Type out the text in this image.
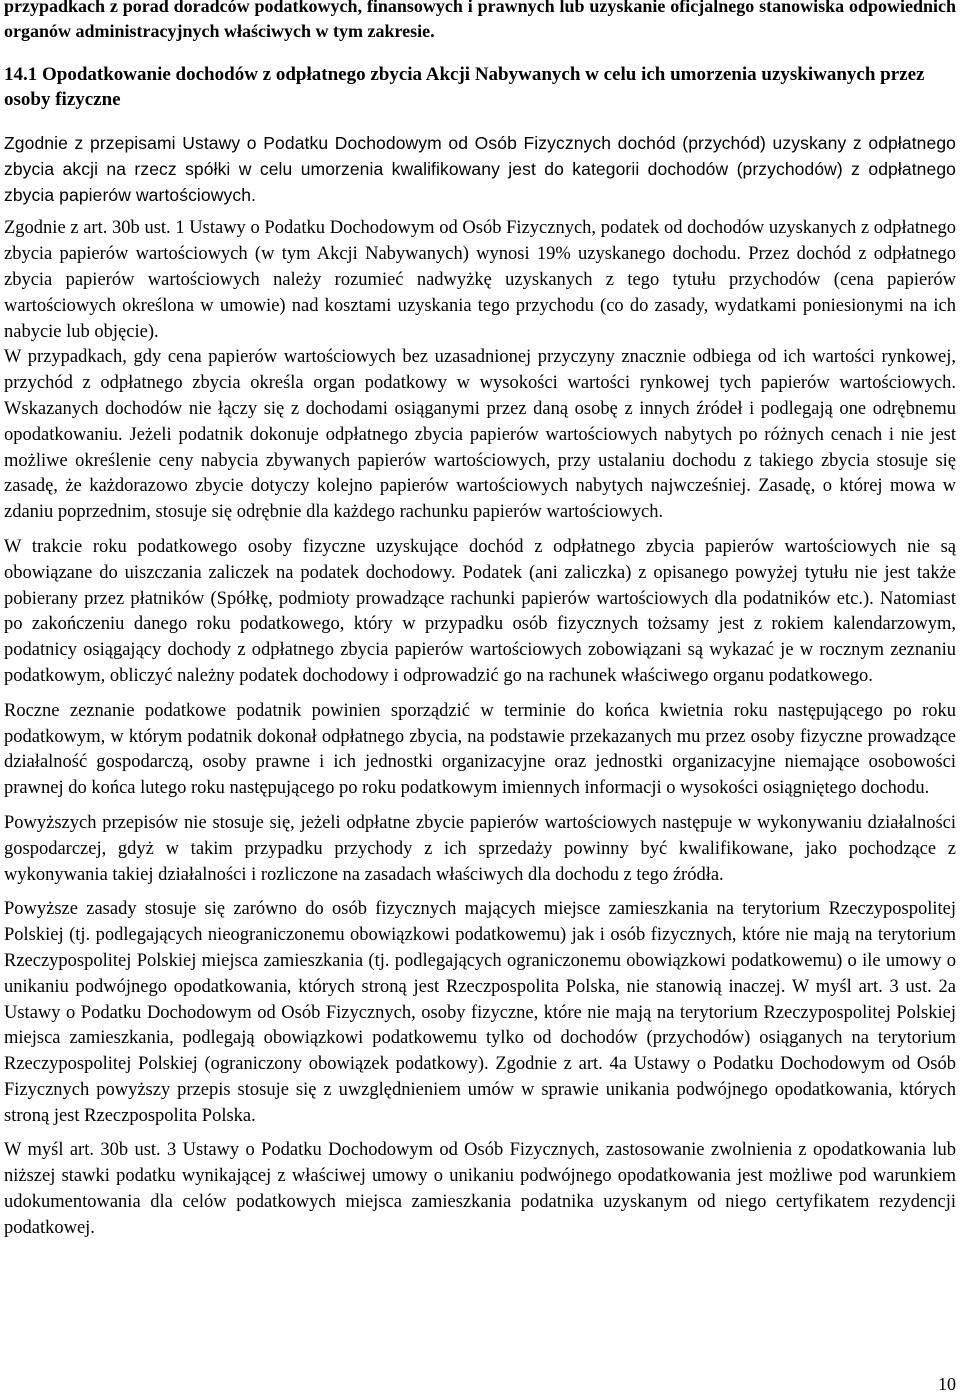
przypadkach z porad doradców podatkowych, finansowych i prawnych lub uzyskanie oficjalnego stanowiska odpowiednich organów administracyjnych właściwych w tym zakresie.

14.1 Opodatkowanie dochodów z odpłatnego zbycia Akcji Nabywanych w celu ich umorzenia uzyskiwanych przez osoby fizyczne

Zgodnie z przepisami Ustawy o Podatku Dochodowym od Osób Fizycznych dochód (przychód) uzyskany z odpłatnego zbycia akcji na rzecz spółki w celu umorzenia kwalifikowany jest do kategorii dochodów (przychodów) z odpłatnego zbycia papierów wartościowych.

Zgodnie z art. 30b ust. 1 Ustawy o Podatku Dochodowym od Osób Fizycznych, podatek od dochodów uzyskanych z odpłatnego zbycia papierów wartościowych (w tym Akcji Nabywanych) wynosi 19% uzyskanego dochodu. Przez dochód z odpłatnego zbycia papierów wartościowych należy rozumieć nadwyżkę uzyskanych z tego tytułu przychodów (cena papierów wartościowych określona w umowie) nad kosztami uzyskania tego przychodu (co do zasady, wydatkami poniesionymi na ich nabycie lub objęcie).

W przypadkach, gdy cena papierów wartościowych bez uzasadnionej przyczyny znacznie odbiega od ich wartości rynkowej, przychód z odpłatnego zbycia określa organ podatkowy w wysokości wartości rynkowej tych papierów wartościowych. Wskazanych dochodów nie łączy się z dochodami osiąganymi przez daną osobę z innych źródeł i podlegają one odrębnemu opodatkowaniu. Jeżeli podatnik dokonuje odpłatnego zbycia papierów wartościowych nabytych po różnych cenach i nie jest możliwe określenie ceny nabycia zbywanych papierów wartościowych, przy ustalaniu dochodu z takiego zbycia stosuje się zasadę, że każdorazowo zbycie dotyczy kolejno papierów wartościowych nabytych najwcześniej. Zasadę, o której mowa w zdaniu poprzednim, stosuje się odrębnie dla każdego rachunku papierów wartościowych.

W trakcie roku podatkowego osoby fizyczne uzyskujące dochód z odpłatnego zbycia papierów wartościowych nie są obowiązane do uiszczania zaliczek na podatek dochodowy. Podatek (ani zaliczka) z opisanego powyżej tytułu nie jest także pobierany przez płatników (Spółkę, podmioty prowadzące rachunki papierów wartościowych dla podatników etc.). Natomiast po zakończeniu danego roku podatkowego, który w przypadku osób fizycznych tożsamy jest z rokiem kalendarzowym, podatnicy osiągający dochody z odpłatnego zbycia papierów wartościowych zobowiązani są wykazać je w rocznym zeznaniu podatkowym, obliczyć należny podatek dochodowy i odprowadzić go na rachunek właściwego organu podatkowego.

Roczne zeznanie podatkowe podatnik powinien sporządzić w terminie do końca kwietnia roku następującego po roku podatkowym, w którym podatnik dokonał odpłatnego zbycia, na podstawie przekazanych mu przez osoby fizyczne prowadzące działalność gospodarczą, osoby prawne i ich jednostki organizacyjne oraz jednostki organizacyjne niemające osobowości prawnej do końca lutego roku następującego po roku podatkowym imiennych informacji o wysokości osiągniętego dochodu.

Powyższych przepisów nie stosuje się, jeżeli odpłatne zbycie papierów wartościowych następuje w wykonywaniu działalności gospodarczej, gdyż w takim przypadku przychody z ich sprzedaży powinny być kwalifikowane, jako pochodzące z wykonywania takiej działalności i rozliczone na zasadach właściwych dla dochodu z tego źródła.

Powyższe zasady stosuje się zarówno do osób fizycznych mających miejsce zamieszkania na terytorium Rzeczypospolitej Polskiej (tj. podlegających nieograniczonemu obowiązkowi podatkowemu) jak i osób fizycznych, które nie mają na terytorium Rzeczypospolitej Polskiej miejsca zamieszkania (tj. podlegających ograniczonemu obowiązkowi podatkowemu) o ile umowy o unikaniu podwójnego opodatkowania, których stroną jest Rzeczpospolita Polska, nie stanowią inaczej. W myśl art. 3 ust. 2a Ustawy o Podatku Dochodowym od Osób Fizycznych, osoby fizyczne, które nie mają na terytorium Rzeczypospolitej Polskiej miejsca zamieszkania, podlegają obowiązkowi podatkowemu tylko od dochodów (przychodów) osiąganych na terytorium Rzeczypospolitej Polskiej (ograniczony obowiązek podatkowy). Zgodnie z art. 4a Ustawy o Podatku Dochodowym od Osób Fizycznych powyższy przepis stosuje się z uwzględnieniem umów w sprawie unikania podwójnego opodatkowania, których stroną jest Rzeczpospolita Polska.

W myśl art. 30b ust. 3 Ustawy o Podatku Dochodowym od Osób Fizycznych, zastosowanie zwolnienia z opodatkowania lub niższej stawki podatku wynikającej z właściwej umowy o unikaniu podwójnego opodatkowania jest możliwe pod warunkiem udokumentowania dla celów podatkowych miejsca zamieszkania podatnika uzyskanym od niego certyfikatem rezydencji podatkowej.

10
